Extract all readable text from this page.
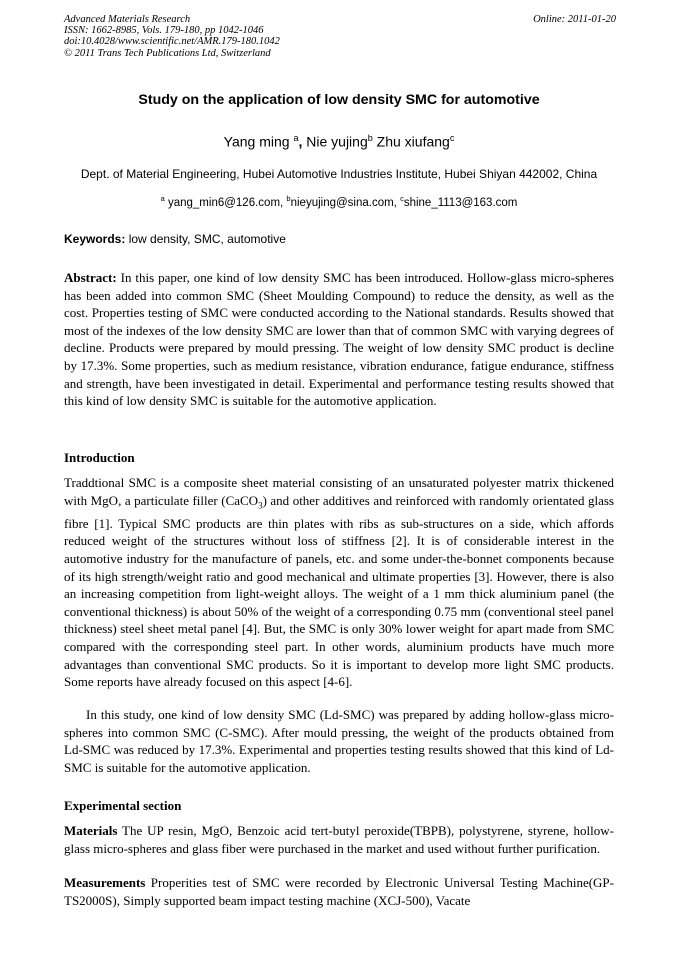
Advanced Materials Research
ISSN: 1662-8985, Vols. 179-180, pp 1042-1046
doi:10.4028/www.scientific.net/AMR.179-180.1042
© 2011 Trans Tech Publications Ltd, Switzerland
Online: 2011-01-20
Study on the application of low density SMC for automotive
Yang ming $^a$, Nie yujing$^b$ Zhu xiufang$^c$
Dept. of Material Engineering, Hubei Automotive Industries Institute, Hubei Shiyan 442002, China
$^a$ yang_min6@126.com, $^b$nieyujing@sina.com, $^c$shine_1113@163.com
Keywords: low density, SMC, automotive
Abstract: In this paper, one kind of low density SMC has been introduced. Hollow-glass micro-spheres has been added into common SMC (Sheet Moulding Compound) to reduce the density, as well as the cost. Properties testing of SMC were conducted according to the National standards. Results showed that most of the indexes of the low density SMC are lower than that of common SMC with varying degrees of decline. Products were prepared by mould pressing. The weight of low density SMC product is decline by 17.3%. Some properties, such as medium resistance, vibration endurance, fatigue endurance, stiffness and strength, have been investigated in detail. Experimental and performance testing results showed that this kind of low density SMC is suitable for the automotive application.
Introduction
Traddtional SMC is a composite sheet material consisting of an unsaturated polyester matrix thickened with MgO, a particulate filler (CaCO$_3$) and other additives and reinforced with randomly orientated glass fibre [1]. Typical SMC products are thin plates with ribs as sub-structures on a side, which affords reduced weight of the structures without loss of stiffness [2]. It is of considerable interest in the automotive industry for the manufacture of panels, etc. and some under-the-bonnet components because of its high strength/weight ratio and good mechanical and ultimate properties [3]. However, there is also an increasing competition from light-weight alloys. The weight of a 1 mm thick aluminium panel (the conventional thickness) is about 50% of the weight of a corresponding 0.75 mm (conventional steel panel thickness) steel sheet metal panel [4]. But, the SMC is only 30% lower weight for apart made from SMC compared with the corresponding steel part. In other words, aluminium products have much more advantages than conventional SMC products. So it is important to develop more light SMC products. Some reports have already focused on this aspect [4-6].
In this study, one kind of low density SMC (Ld-SMC) was prepared by adding hollow-glass micro-spheres into common SMC (C-SMC). After mould pressing, the weight of the products obtained from Ld-SMC was reduced by 17.3%. Experimental and properties testing results showed that this kind of Ld-SMC is suitable for the automotive application.
Experimental section
Materials The UP resin, MgO, Benzoic acid tert-butyl peroxide(TBPB), polystyrene, styrene, hollow-glass micro-spheres and glass fiber were purchased in the market and used without further purification.
Measurements Properities test of SMC were recorded by Electronic Universal Testing Machine(GP-TS2000S), Simply supported beam impact testing machine (XCJ-500), Vacate
